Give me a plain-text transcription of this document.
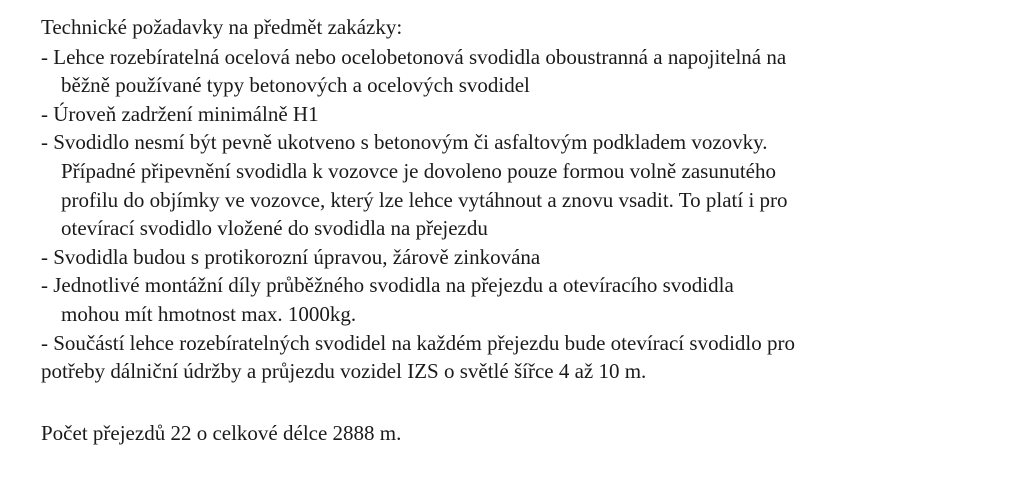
Technické požadavky na předmět zakázky:
- Lehce rozebíratelná ocelová nebo ocelobetonová svodidla oboustranná a napojitelná na
běžně používané typy betonových a ocelových svodidel
- Úroveň zadržení minimálně H1
- Svodidlo nesmí být pevně ukotveno s betonovým či asfaltovým podkladem vozovky.
Případné připevnění svodidla k vozovce je dovoleno pouze formou volně zasunutého
profilu do objímky ve vozovce, který lze lehce vytáhnout a znovu vsadit. To platí i pro
otevírací svodidlo vložené do svodidla na přejezdu
- Svodidla budou s protikorozní úpravou, žárově zinkována
- Jednotlivé montážní díly průběžného svodidla na přejezdu a otevíracího svodidla
mohou mít hmotnost max. 1000kg.
- Součástí lehce rozebíratelných svodidel na každém přejezdu bude otevírací svodidlo pro
potřeby dálniční údržby a průjezdu vozidel IZS o světlé šířce 4 až 10 m.
Počet přejezdů 22 o celkové délce 2888 m.
